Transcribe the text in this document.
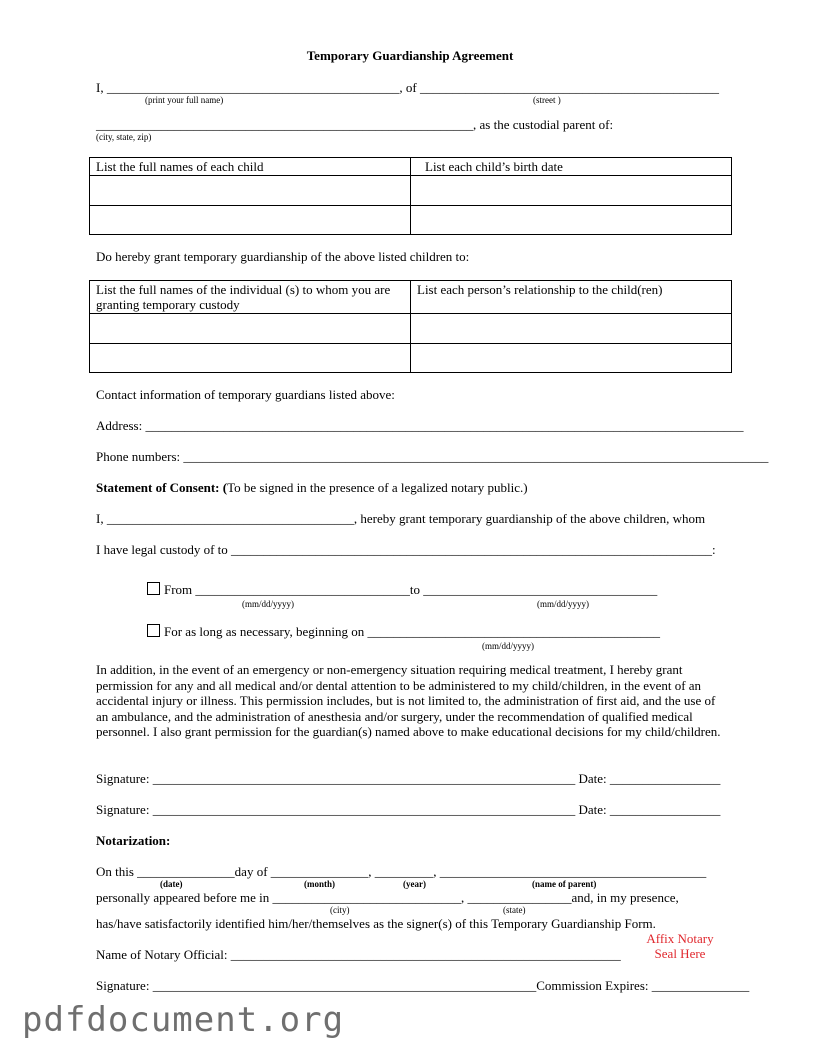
Temporary Guardianship Agreement
I, _____________________________________________, of ______________________________________________
(print your full name)	(street )
__________________________________________________________, as the custodial parent of:
(city, state, zip)
List the full names of each child	List each child’s birth date

Do hereby grant temporary guardianship of the above listed children to:
List the full names of the individual (s) to whom you are
granting temporary custody	List each person’s relationship to the child(ren)

Contact information of temporary guardians listed above:
Address: ____________________________________________________________________________________________
Phone numbers: __________________________________________________________________________________________
Statement of Consent: (To be signed in the presence of a legalized notary public.)
I, ______________________________________, hereby grant temporary guardianship of the above children, whom
I have legal custody of to __________________________________________________________________________:
From _________________________________to ____________________________________
(mm/dd/yyyy)	(mm/dd/yyyy)
For as long as necessary, beginning on _____________________________________________
(mm/dd/yyyy)
In addition, in the event of an emergency or non-emergency situation requiring medical treatment, I hereby grant permission for any and all medical and/or dental attention to be administered to my child/children, in the event of an accidental injury or illness. This permission includes, but is not limited to, the administration of first aid, and the use of an ambulance, and the administration of anesthesia and/or surgery, under the recommendation of qualified medical personnel. I also grant permission for the guardian(s) named above to make educational decisions for my child/children.
Signature: _________________________________________________________________ Date: _________________
Signature: _________________________________________________________________ Date: _________________
Notarization:
On this _______________day of _______________, _________, _________________________________________
(date)	(month)	(year)	(name of parent)
personally appeared before me in _____________________________, ________________and, in my presence,
(city)	(state)
has/have satisfactorily identified him/her/themselves as the signer(s) of this Temporary Guardianship Form.
Name of Notary Official: ____________________________________________________________
Affix Notary
Seal Here
Signature: ___________________________________________________________Commission Expires: _______________
pdfdocument.org
